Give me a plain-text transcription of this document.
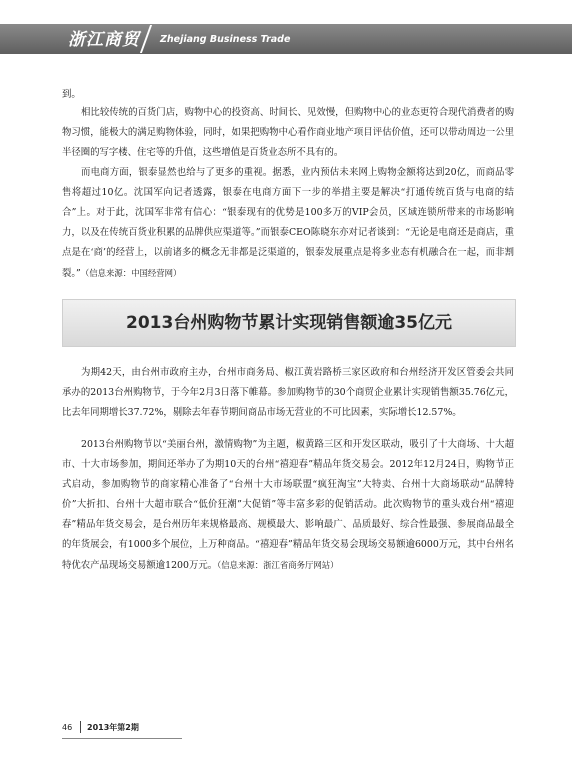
浙江商贸 Zhejiang Business Trade

到。

相比较传统的百货门店，购物中心的投资高、时间长、见效慢，但购物中心的业态更符合现代消费者的购物习惯，能极大的满足购物体验，同时，如果把购物中心看作商业地产项目评估价值，还可以带动周边一公里半径圈的写字楼、住宅等的升值，这些增值是百货业态所不具有的。

而电商方面，银泰显然也给与了更多的重视。据悉，业内预估未来网上购物金额将达到20亿，而商品零售将超过10亿。沈国军向记者透露，银泰在电商方面下一步的举措主要是解决“打通传统百货与电商的结合”上。对于此，沈国军非常有信心：“银泰现有的优势是100多万的VIP会员，区域连锁所带来的市场影响力，以及在传统百货业积累的品牌供应渠道等。”而银泰CEO陈晓东亦对记者谈到：“无论是电商还是商店，重点是在‘商’的经营上，以前诸多的概念无非都是泛渠道的，银泰发展重点是将多业态有机融合在一起，而非割裂。”（信息来源：中国经营网）

2013台州购物节累计实现销售额逾35亿元

为期42天，由台州市政府主办，台州市商务局、椒江黄岩路桥三家区政府和台州经济开发区管委会共同承办的2013台州购物节，于今年2月3日落下帷幕。参加购物节的30个商贸企业累计实现销售额35.76亿元，比去年同期增长37.72%，剔除去年春节期间商品市场无营业的不可比因素，实际增长12.57%。

2013台州购物节以“美丽台州，激情购物”为主题，椒黄路三区和开发区联动，吸引了十大商场、十大超市、十大市场参加，期间还举办了为期10天的台州“禧迎春”精品年货交易会。2012年12月24日，购物节正式启动，参加购物节的商家精心准备了“台州十大市场联盟“疯狂淘宝”大特卖、台州十大商场联动“品牌特价”大折扣、台州十大超市联合“低价狂潮”大促销”等丰富多彩的促销活动。此次购物节的重头戏台州“禧迎春”精品年货交易会，是台州历年来规格最高、规模最大、影响最广、品质最好、综合性最强、参展商品最全的年货展会，有1000多个展位，上万种商品。“禧迎春”精品年货交易会现场交易额逾6000万元，其中台州名特优农产品现场交易额逾1200万元。（信息来源：浙江省商务厅网站）

46 2013年第2期
